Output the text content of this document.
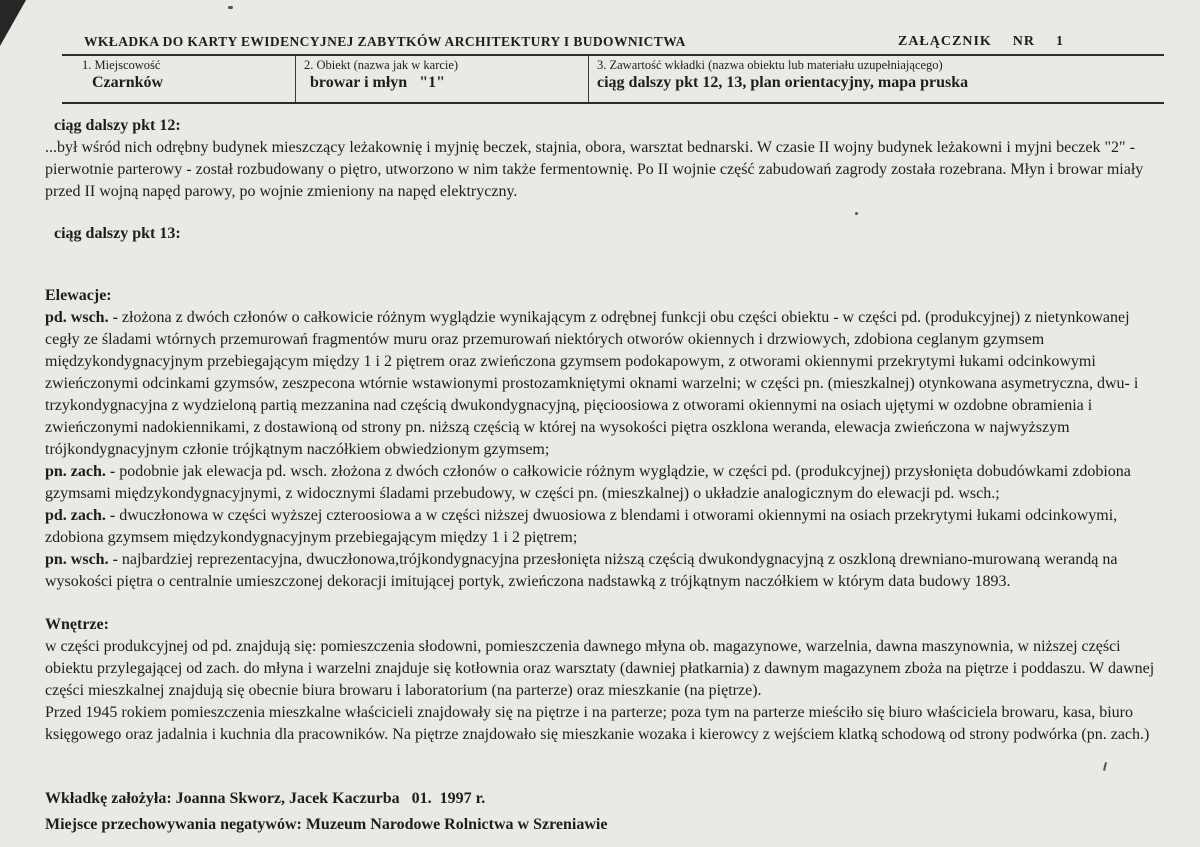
WKŁADKA DO KARTY EWIDENCYJNEJ ZABYTKÓW ARCHITEKTURY I BUDOWNICTWA	ZAŁĄCZNIK  NR  1
1. Miejscowość
Czarnków
2. Obiekt (nazwa jak w karcie)
browar i młyn   "1"
3. Zawartość wkładki (nazwa obiektu lub materiału uzupełniającego)
ciąg dalszy pkt 12, 13, plan orientacyjny, mapa pruska

ciąg dalszy pkt 12:

...był wśród nich odrębny budynek mieszczący leżakownię i myjnię beczek, stajnia, obora, warsztat bednarski. W czasie II wojny budynek leżakowni i myjni beczek "2" - pierwotnie parterowy - został rozbudowany o piętro, utworzono w nim także fermentownię. Po II wojnie część zabudowań zagrody została rozebrana. Młyn i browar miały przed II wojną napęd parowy, po wojnie zmieniony na napęd elektryczny.

ciąg dalszy pkt 13:

Elewacje:

pd. wsch. - złożona z dwóch członów o całkowicie różnym wyglądzie wynikającym z odrębnej funkcji obu części obiektu - w części pd. (produkcyjnej) z nietynkowanej cegły ze śladami wtórnych przemurowań fragmentów muru oraz przemurowań niektórych otworów okiennych i drzwiowych, zdobiona ceglanym gzymsem międzykondygnacyjnym przebiegającym między 1 i 2 piętrem oraz zwieńczona gzymsem podokapowym, z otworami okiennymi przekrytymi łukami odcinkowymi zwieńczonymi odcinkami gzymsów, zeszpecona wtórnie wstawionymi prostozamkniętymi oknami warzelni; w części pn. (mieszkalnej) otynkowana asymetryczna, dwu- i trzykondygnacyjna z wydzieloną partią mezzanina nad częścią dwukondygnacyjną, pięcioosiowa z otworami okiennymi na osiach ujętymi w ozdobne obramienia i zwieńczonymi nadokiennikami, z dostawioną od strony pn. niższą częścią w której na wysokości piętra oszklona weranda, elewacja zwieńczona w najwyższym trójkondygnacyjnym członie trójkątnym naczółkiem obwiedzionym gzymsem;

pn. zach. - podobnie jak elewacja pd. wsch. złożona z dwóch członów o całkowicie różnym wyglądzie, w części pd. (produkcyjnej) przysłonięta dobudówkami zdobiona gzymsami międzykondygnacyjnymi, z widocznymi śladami przebudowy, w części pn. (mieszkalnej) o układzie analogicznym do elewacji pd. wsch.;

pd. zach. - dwuczłonowa w części wyższej czteroosiowa a w części niższej dwuosiowa z blendami i otworami okiennymi na osiach przekrytymi łukami odcinkowymi, zdobiona gzymsem międzykondygnacyjnym przebiegającym między 1 i 2 piętrem;

pn. wsch. - najbardziej reprezentacyjna, dwuczłonowa,trójkondygnacyjna przesłonięta niższą częścią dwukondygnacyjną z oszkloną drewniano-murowaną werandą na wysokości piętra o centralnie umieszczonej dekoracji imitującej portyk, zwieńczona nadstawką z trójkątnym naczółkiem w którym data budowy 1893.

Wnętrze:

w części produkcyjnej od pd. znajdują się: pomieszczenia słodowni, pomieszczenia dawnego młyna ob. magazynowe, warzelnia, dawna maszynownia, w niższej części obiektu przylegającej od zach. do młyna i warzelni znajduje się kotłownia oraz warsztaty (dawniej płatkarnia) z dawnym magazynem zboża na piętrze i poddaszu. W dawnej części mieszkalnej znajdują się obecnie biura browaru i laboratorium (na parterze) oraz mieszkanie (na piętrze).

Przed 1945 rokiem pomieszczenia mieszkalne właścicieli znajdowały się na piętrze i na parterze; poza tym na parterze mieściło się biuro właściciela browaru, kasa, biuro księgowego oraz jadalnia i kuchnia dla pracowników. Na piętrze znajdowało się mieszkanie wozaka i kierowcy z wejściem klatką schodową od strony podwórka (pn. zach.)

Wkładkę założyła: Joanna Skworz, Jacek Kaczurba   01.  1997 r.

Miejsce przechowywania negatywów: Muzeum Narodowe Rolnictwa w Szreniawie
